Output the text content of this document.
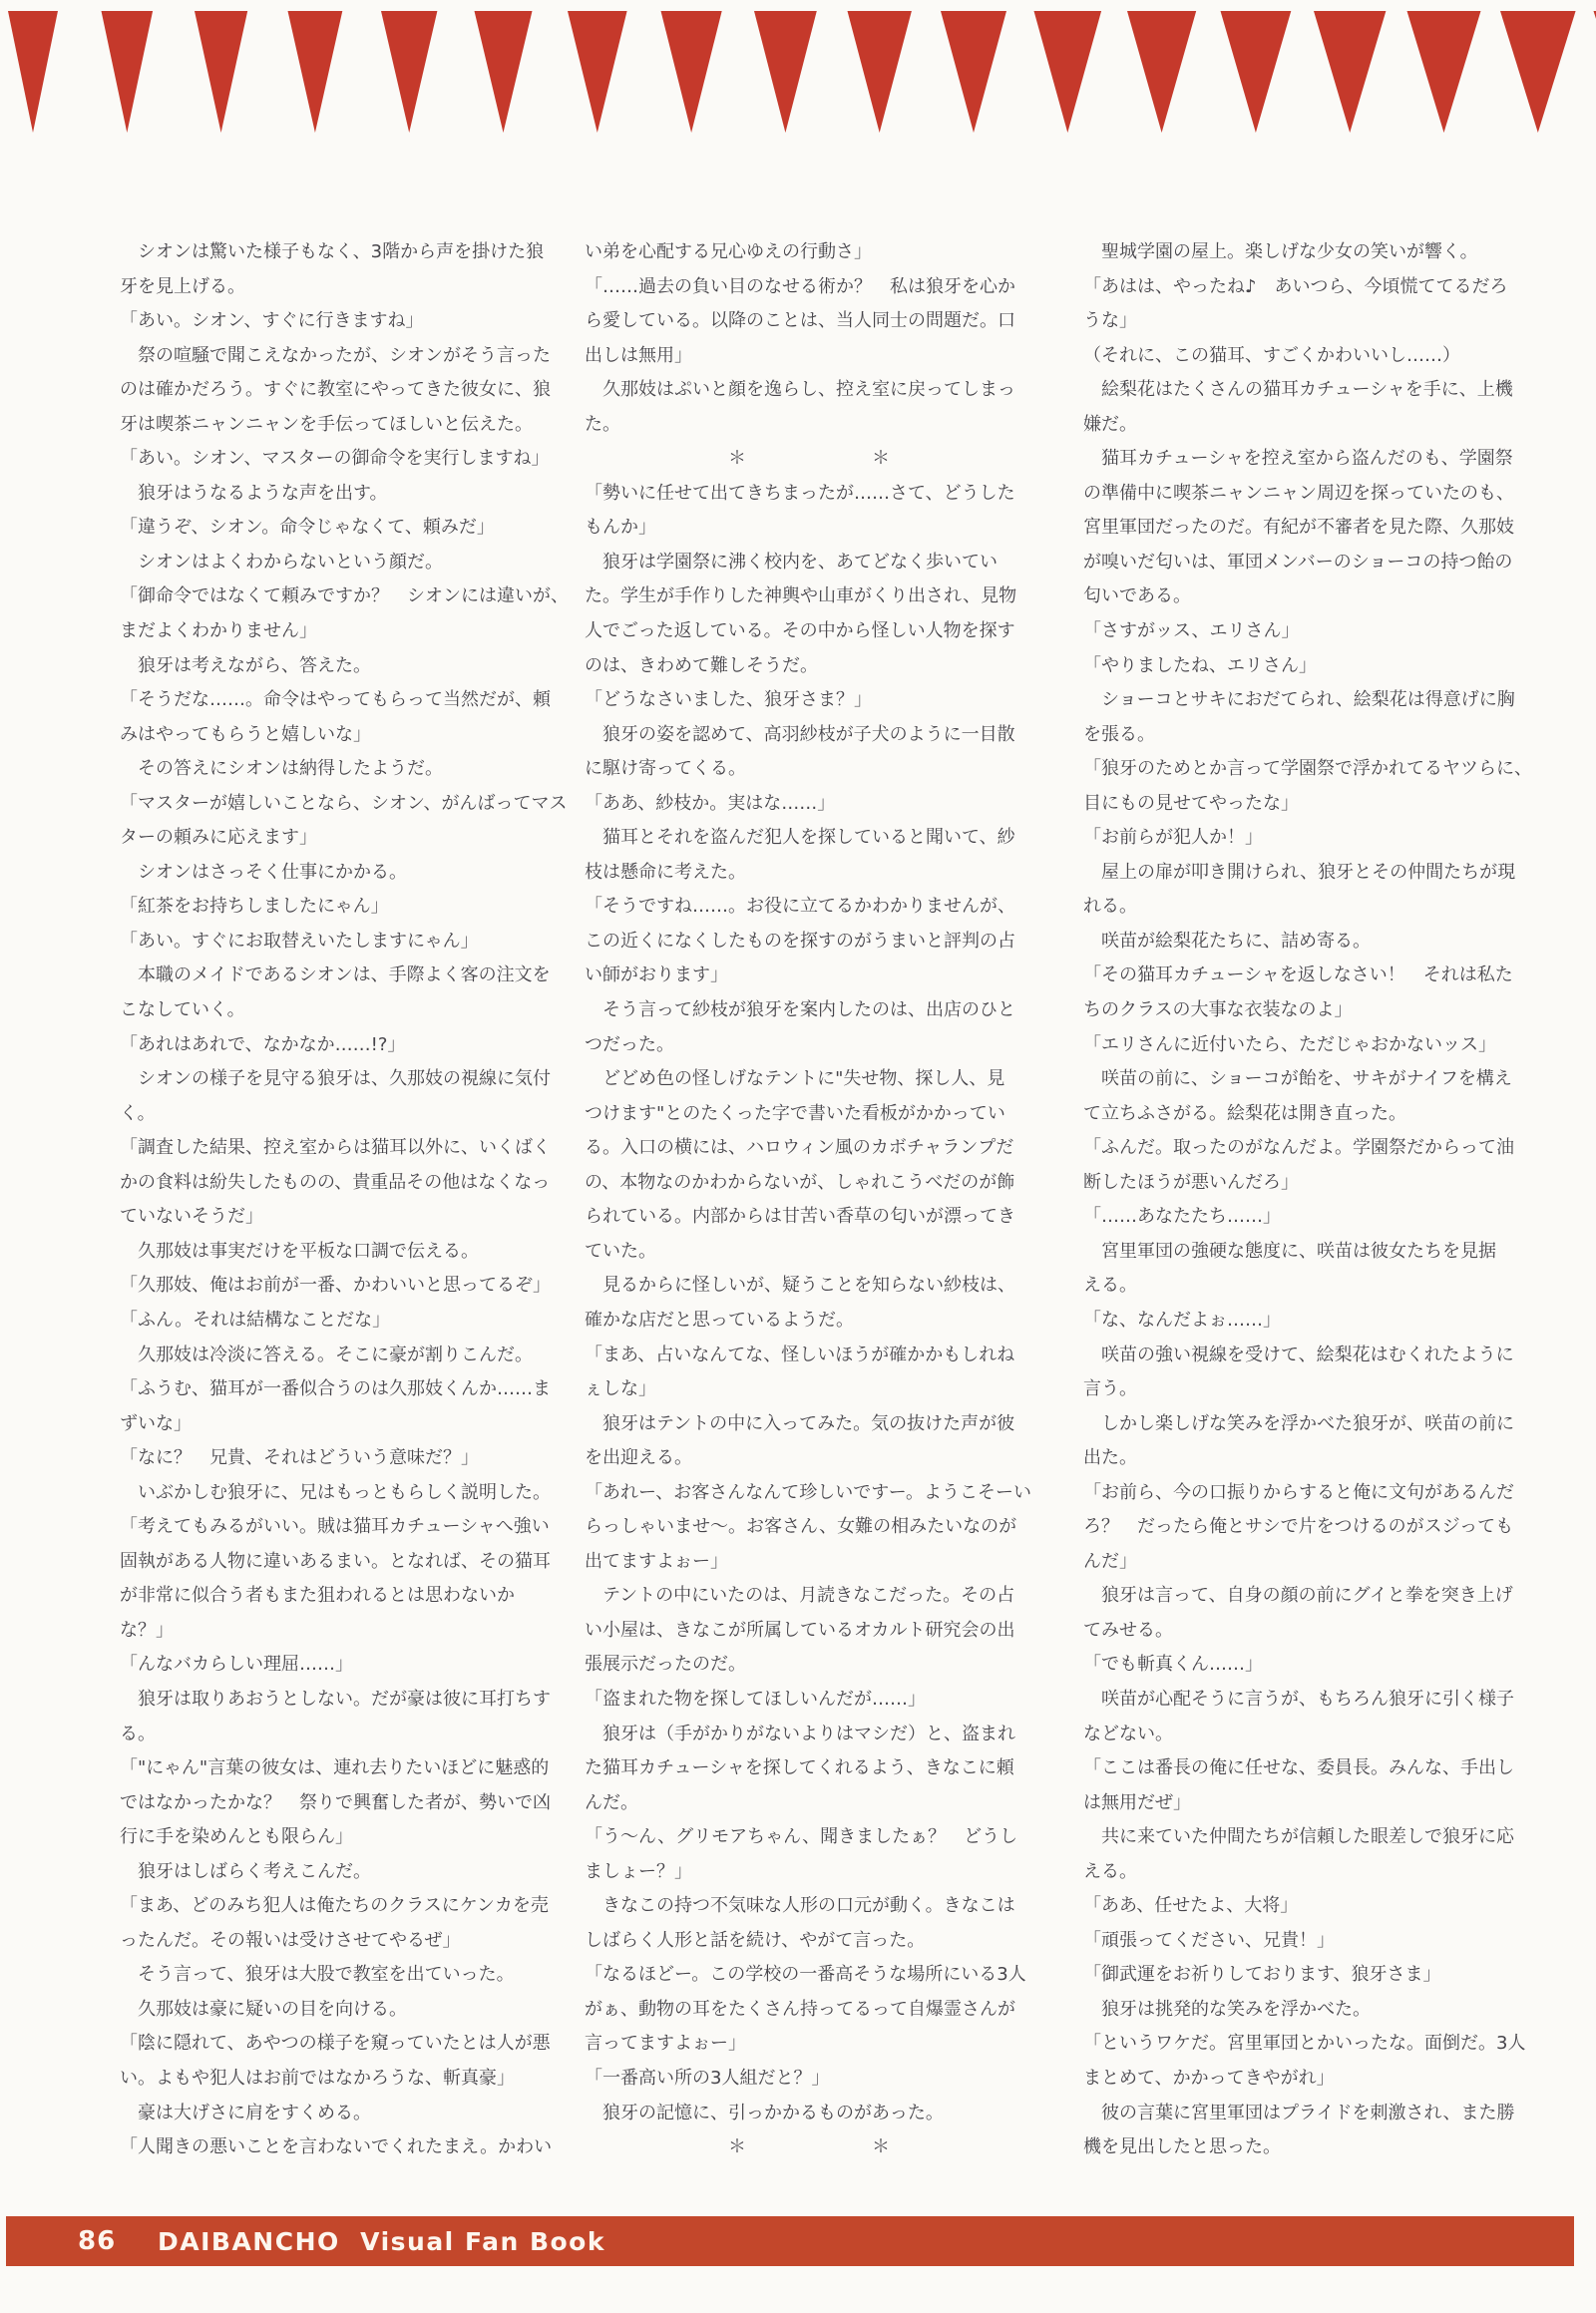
　シオンは驚いた様子もなく、3階から声を掛けた狼
牙を見上げる。
「あい。シオン、すぐに行きますね」
　祭の喧騒で聞こえなかったが、シオンがそう言った
のは確かだろう。すぐに教室にやってきた彼女に、狼
牙は喫茶ニャンニャンを手伝ってほしいと伝えた。
「あい。シオン、マスターの御命令を実行しますね」
　狼牙はうなるような声を出す。
「違うぞ、シオン。命令じゃなくて、頼みだ」
　シオンはよくわからないという顔だ。
「御命令ではなくて頼みですか？　シオンには違いが、
まだよくわかりません」
　狼牙は考えながら、答えた。
「そうだな……。命令はやってもらって当然だが、頼
みはやってもらうと嬉しいな」
　その答えにシオンは納得したようだ。
「マスターが嬉しいことなら、シオン、がんばってマス
ターの頼みに応えます」
　シオンはさっそく仕事にかかる。
「紅茶をお持ちしましたにゃん」
「あい。すぐにお取替えいたしますにゃん」
　本職のメイドであるシオンは、手際よく客の注文を
こなしていく。
「あれはあれで、なかなか……!?」
　シオンの様子を見守る狼牙は、久那妓の視線に気付
く。
「調査した結果、控え室からは猫耳以外に、いくばく
かの食料は紛失したものの、貴重品その他はなくなっ
ていないそうだ」
　久那妓は事実だけを平板な口調で伝える。
「久那妓、俺はお前が一番、かわいいと思ってるぞ」
「ふん。それは結構なことだな」
　久那妓は冷淡に答える。そこに豪が割りこんだ。
「ふうむ、猫耳が一番似合うのは久那妓くんか……ま
ずいな」
「なに？　兄貴、それはどういう意味だ？」
　いぶかしむ狼牙に、兄はもっともらしく説明した。
「考えてもみるがいい。賊は猫耳カチューシャへ強い
固執がある人物に違いあるまい。となれば、その猫耳
が非常に似合う者もまた狙われるとは思わないか
な？」
「んなバカらしい理屈……」
　狼牙は取りあおうとしない。だが豪は彼に耳打ちす
る。
「"にゃん"言葉の彼女は、連れ去りたいほどに魅惑的
ではなかったかな？　祭りで興奮した者が、勢いで凶
行に手を染めんとも限らん」
　狼牙はしばらく考えこんだ。
「まあ、どのみち犯人は俺たちのクラスにケンカを売
ったんだ。その報いは受けさせてやるぜ」
　そう言って、狼牙は大股で教室を出ていった。
　久那妓は豪に疑いの目を向ける。
「陰に隠れて、あやつの様子を窺っていたとは人が悪
い。よもや犯人はお前ではなかろうな、斬真豪」
　豪は大げさに肩をすくめる。
「人聞きの悪いことを言わないでくれたまえ。かわい
い弟を心配する兄心ゆえの行動さ」
「……過去の負い目のなせる術か？　私は狼牙を心か
ら愛している。以降のことは、当人同士の問題だ。口
出しは無用」
　久那妓はぷいと顔を逸らし、控え室に戻ってしまっ
た。
　　　　　　　　＊　　　　　　　＊
「勢いに任せて出てきちまったが……さて、どうした
もんか」
　狼牙は学園祭に沸く校内を、あてどなく歩いてい
た。学生が手作りした神輿や山車がくり出され、見物
人でごった返している。その中から怪しい人物を探す
のは、きわめて難しそうだ。
「どうなさいました、狼牙さま？」
　狼牙の姿を認めて、高羽紗枝が子犬のように一目散
に駆け寄ってくる。
「ああ、紗枝か。実はな……」
　猫耳とそれを盗んだ犯人を探していると聞いて、紗
枝は懸命に考えた。
「そうですね……。お役に立てるかわかりませんが、
この近くになくしたものを探すのがうまいと評判の占
い師がおります」
　そう言って紗枝が狼牙を案内したのは、出店のひと
つだった。
　どどめ色の怪しげなテントに"失せ物、探し人、見
つけます"とのたくった字で書いた看板がかかってい
る。入口の横には、ハロウィン風のカボチャランプだ
の、本物なのかわからないが、しゃれこうべだのが飾
られている。内部からは甘苦い香草の匂いが漂ってき
ていた。
　見るからに怪しいが、疑うことを知らない紗枝は、
確かな店だと思っているようだ。
「まあ、占いなんてな、怪しいほうが確かかもしれね
ぇしな」
　狼牙はテントの中に入ってみた。気の抜けた声が彼
を出迎える。
「あれー、お客さんなんて珍しいですー。ようこそーい
らっしゃいませ～。お客さん、女難の相みたいなのが
出てますよぉー」
　テントの中にいたのは、月読きなこだった。その占
い小屋は、きなこが所属しているオカルト研究会の出
張展示だったのだ。
「盗まれた物を探してほしいんだが……」
　狼牙は（手がかりがないよりはマシだ）と、盗まれ
た猫耳カチューシャを探してくれるよう、きなこに頼
んだ。
「う～ん、グリモアちゃん、聞きましたぁ？　どうし
ましょー？」
　きなこの持つ不気味な人形の口元が動く。きなこは
しばらく人形と話を続け、やがて言った。
「なるほどー。この学校の一番高そうな場所にいる3人
がぁ、動物の耳をたくさん持ってるって自爆霊さんが
言ってますよぉー」
「一番高い所の3人組だと？」
　狼牙の記憶に、引っかかるものがあった。
　　　　　　　　＊　　　　　　　＊
　聖城学園の屋上。楽しげな少女の笑いが響く。
「あはは、やったね♪　あいつら、今頃慌ててるだろ
うな」
（それに、この猫耳、すごくかわいいし……）
　絵梨花はたくさんの猫耳カチューシャを手に、上機
嫌だ。
　猫耳カチューシャを控え室から盗んだのも、学園祭
の準備中に喫茶ニャンニャン周辺を探っていたのも、
宮里軍団だったのだ。有紀が不審者を見た際、久那妓
が嗅いだ匂いは、軍団メンバーのショーコの持つ飴の
匂いである。
「さすがッス、エリさん」
「やりましたね、エリさん」
　ショーコとサキにおだてられ、絵梨花は得意げに胸
を張る。
「狼牙のためとか言って学園祭で浮かれてるヤツらに、
目にもの見せてやったな」
「お前らが犯人か！」
　屋上の扉が叩き開けられ、狼牙とその仲間たちが現
れる。
　咲苗が絵梨花たちに、詰め寄る。
「その猫耳カチューシャを返しなさい！　それは私た
ちのクラスの大事な衣装なのよ」
「エリさんに近付いたら、ただじゃおかないッス」
　咲苗の前に、ショーコが飴を、サキがナイフを構え
て立ちふさがる。絵梨花は開き直った。
「ふんだ。取ったのがなんだよ。学園祭だからって油
断したほうが悪いんだろ」
「……あなたたち……」
　宮里軍団の強硬な態度に、咲苗は彼女たちを見据
える。
「な、なんだよぉ……」
　咲苗の強い視線を受けて、絵梨花はむくれたように
言う。
　しかし楽しげな笑みを浮かべた狼牙が、咲苗の前に
出た。
「お前ら、今の口振りからすると俺に文句があるんだ
ろ？　だったら俺とサシで片をつけるのがスジっても
んだ」
　狼牙は言って、自身の顔の前にグイと拳を突き上げ
てみせる。
「でも斬真くん……」
　咲苗が心配そうに言うが、もちろん狼牙に引く様子
などない。
「ここは番長の俺に任せな、委員長。みんな、手出し
は無用だぜ」
　共に来ていた仲間たちが信頼した眼差しで狼牙に応
える。
「ああ、任せたよ、大将」
「頑張ってください、兄貴！」
「御武運をお祈りしております、狼牙さま」
　狼牙は挑発的な笑みを浮かべた。
「というワケだ。宮里軍団とかいったな。面倒だ。3人
まとめて、かかってきやがれ」
　彼の言葉に宮里軍団はプライドを刺激され、また勝
機を見出したと思った。
86 DAIBANCHO  Visual Fan Book
